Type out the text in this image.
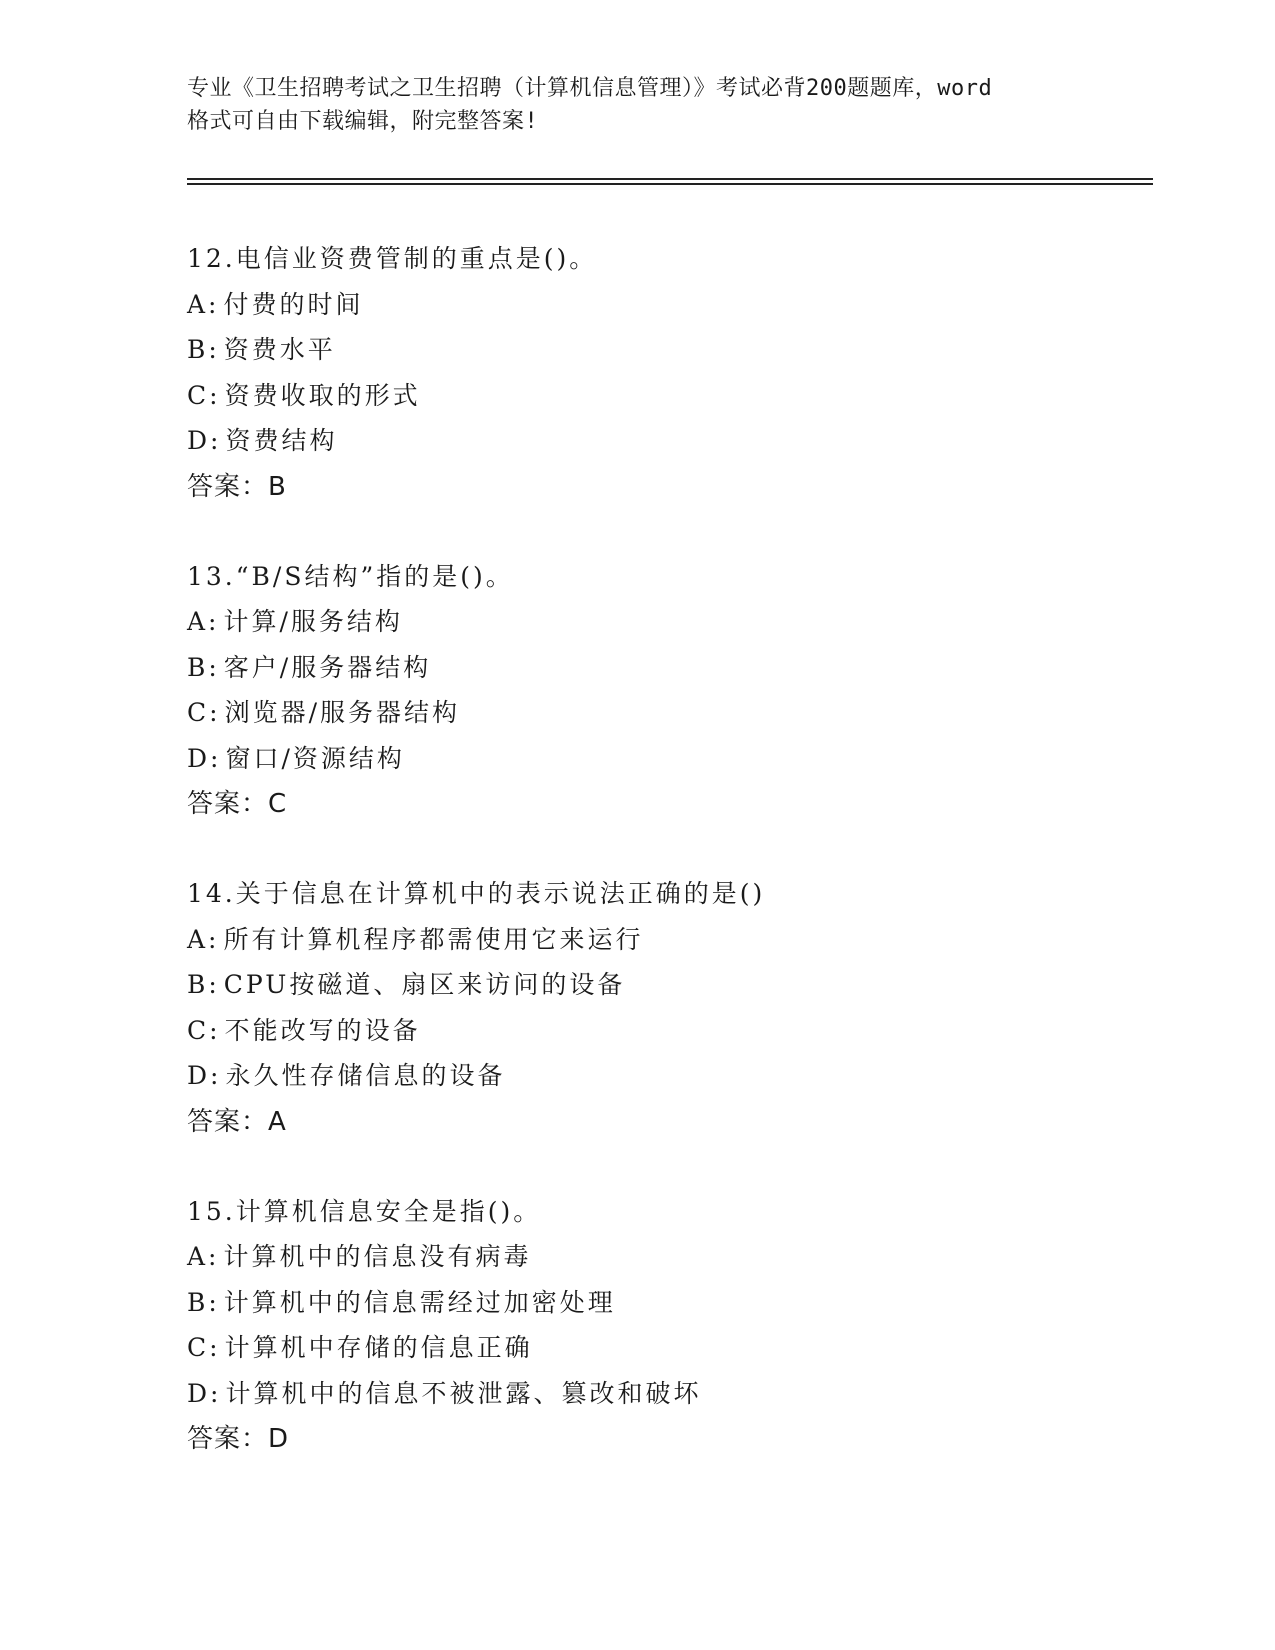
专业《卫生招聘考试之卫生招聘（计算机信息管理）》考试必背200题题库，word
格式可自由下载编辑，附完整答案!
12.电信业资费管制的重点是()。
A: 付费的时间
B: 资费水平
C: 资费收取的形式
D: 资费结构
答案：B
13.“B/S结构”指的是()。
A: 计算/服务结构
B: 客户/服务器结构
C: 浏览器/服务器结构
D: 窗口/资源结构
答案：C
14.关于信息在计算机中的表示说法正确的是()
A: 所有计算机程序都需使用它来运行
B: CPU按磁道、扇区来访问的设备
C: 不能改写的设备
D: 永久性存储信息的设备
答案：A
15.计算机信息安全是指()。
A: 计算机中的信息没有病毒
B: 计算机中的信息需经过加密处理
C: 计算机中存储的信息正确
D: 计算机中的信息不被泄露、篡改和破坏
答案：D
